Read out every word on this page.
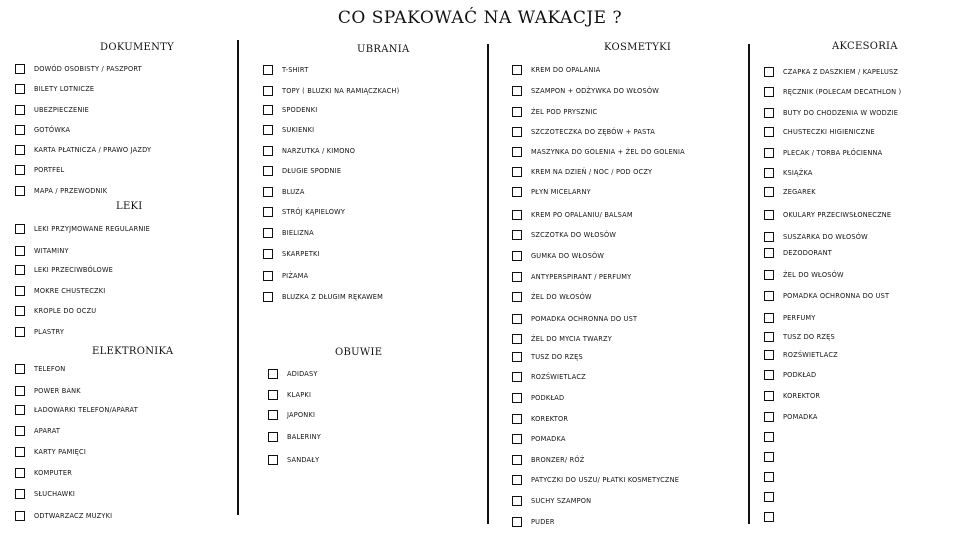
CO SPAKOWAĆ NA WAKACJE ?
DOKUMENTY
LEKI
ELEKTRONIKA
UBRANIA
OBUWIE
KOSMETYKI	AKCESORIA
DOWÓD OSOBISTY / PASZPORT
BILETY LOTNICZE
UBEZPIECZENIE
GOTÓWKA
KARTA PŁATNICZA / PRAWO JAZDY
PORTFEL
MAPA / PRZEWODNIK
LEKI PRZYJMOWANE REGULARNIE
WITAMINY
LEKI PRZECIWBÓLOWE
MOKRE CHUSTECZKI
KROPLE DO OCZU
PLASTRY
TELEFON
POWER BANK
ŁADOWARKI TELEFON/APARAT
APARAT
KARTY PAMIĘCI
KOMPUTER
SŁUCHAWKI
ODTWARZACZ MUZYKI
T-SHIRT
TOPY ( BLUZKI NA RAMIĄCZKACH)
SPODENKI
SUKIENKI
NARZUTKA / KIMONO
DŁUGIE SPODNIE
BLUZA
STRÓJ KĄPIELOWY
BIELIZNA
SKARPETKI
PIŻAMA
BLUZKA Z DŁUGIM RĘKAWEM
ADIDASY
KLAPKI
JAPONKI
BALERINY
SANDAŁY
KREM DO OPALANIA
SZAMPON + ODŻYWKA DO WŁOSÓW
ŻEL POD PRYSZNIC
SZCZOTECZKA DO ZĘBÓW + PASTA
MASZYNKA DO GOLENIA + ŻEL DO GOLENIA
KREM NA DZIEŃ / NOC / POD OCZY
PŁYN MICELARNY
KREM PO OPALANIU/ BALSAM
SZCZOTKA DO WŁOSÓW
GUMKA DO WŁOSÓW
ANTYPERSPIRANT / PERFUMY
ŻEL DO WŁOSÓW
POMADKA OCHRONNA DO UST
ŻEL DO MYCIA TWARZY
TUSZ DO RZĘS
ROZŚWIETLACZ
PODKŁAD
KOREKTOR
POMADKA
BRONZER/ RÓŻ
PATYCZKI DO USZU/ PŁATKI KOSMETYCZNE
SUCHY SZAMPON
PUDER
CZAPKA Z DASZKIEM / KAPELUSZ
RĘCZNIK (POLECAM DECATHLON )
BUTY DO CHODZENIA W WODZIE
CHUSTECZKI HIGIENICZNE
PLECAK / TORBA PŁÓCIENNA
KSIĄŻKA
ZEGAREK
OKULARY PRZECIWSŁONECZNE
SUSZARKA DO WŁOSÓW
DEZODORANT
ŻEL DO WŁOSÓW
POMADKA OCHRONNA DO UST
PERFUMY
TUSZ DO RZĘS
ROZŚWIETLACZ
PODKŁAD
KOREKTOR
POMADKA
